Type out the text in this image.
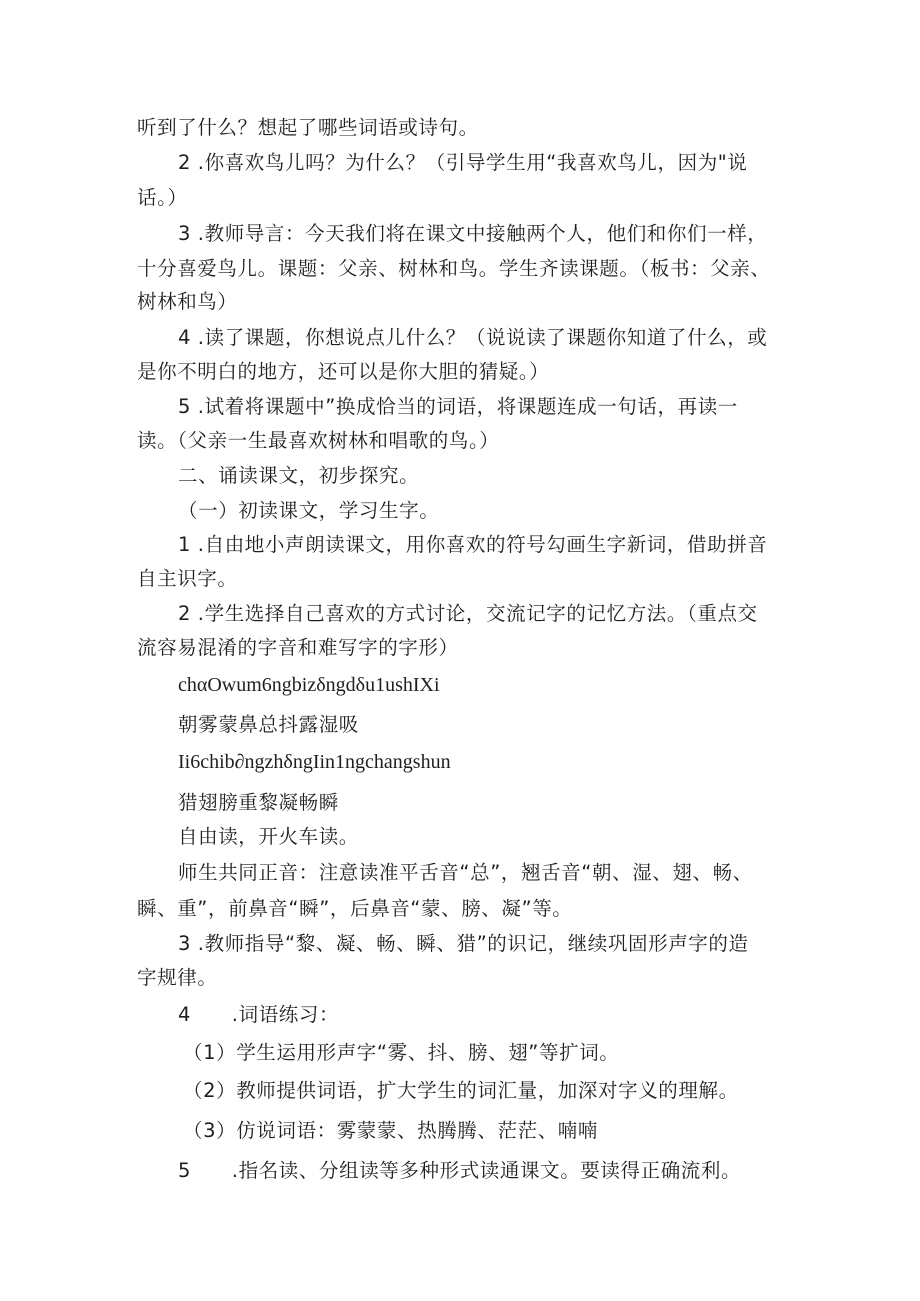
听到了什么？想起了哪些词语或诗句。
2 .你喜欢鸟儿吗？为什么？（引导学生用“我喜欢鸟儿，因为"说
话。）
3 .教师导言：今天我们将在课文中接触两个人，他们和你们一样，
十分喜爱鸟儿。课题：父亲、树林和鸟。学生齐读课题。（板书：父亲、
树林和鸟）
4 .读了课题，你想说点儿什么？（说说读了课题你知道了什么，或
是你不明白的地方，还可以是你大胆的猜疑。）
5 .试着将课题中”换成恰当的词语，将课题连成一句话，再读一
读。（父亲一生最喜欢树林和唱歌的鸟。）
二、诵读课文，初步探究。
（一）初读课文，学习生字。
1 .自由地小声朗读课文，用你喜欢的符号勾画生字新词，借助拼音
自主识字。
2 .学生选择自己喜欢的方式讨论，交流记字的记忆方法。（重点交
流容易混淆的字音和难写字的字形）
chαOwum6ngbizδngdδu1ushIXi
朝雾蒙鼻总抖露湿吸
Ii6chib∂ngzhδngIin1ngchangshun
猎翅膀重黎凝畅瞬
自由读，开火车读。
师生共同正音：注意读准平舌音“总”，翘舌音“朝、湿、翅、畅、
瞬、重”，前鼻音“瞬”，后鼻音“蒙、膀、凝”等。
3 .教师指导“黎、凝、畅、瞬、猎”的识记，继续巩固形声字的造
字规律。
4      .词语练习：
（1）学生运用形声字“雾、抖、膀、翅”等扩词。
（2）教师提供词语，扩大学生的词汇量，加深对字义的理解。
（3）仿说词语：雾蒙蒙、热腾腾、茫茫、喃喃
5      .指名读、分组读等多种形式读通课文。要读得正确流利。
